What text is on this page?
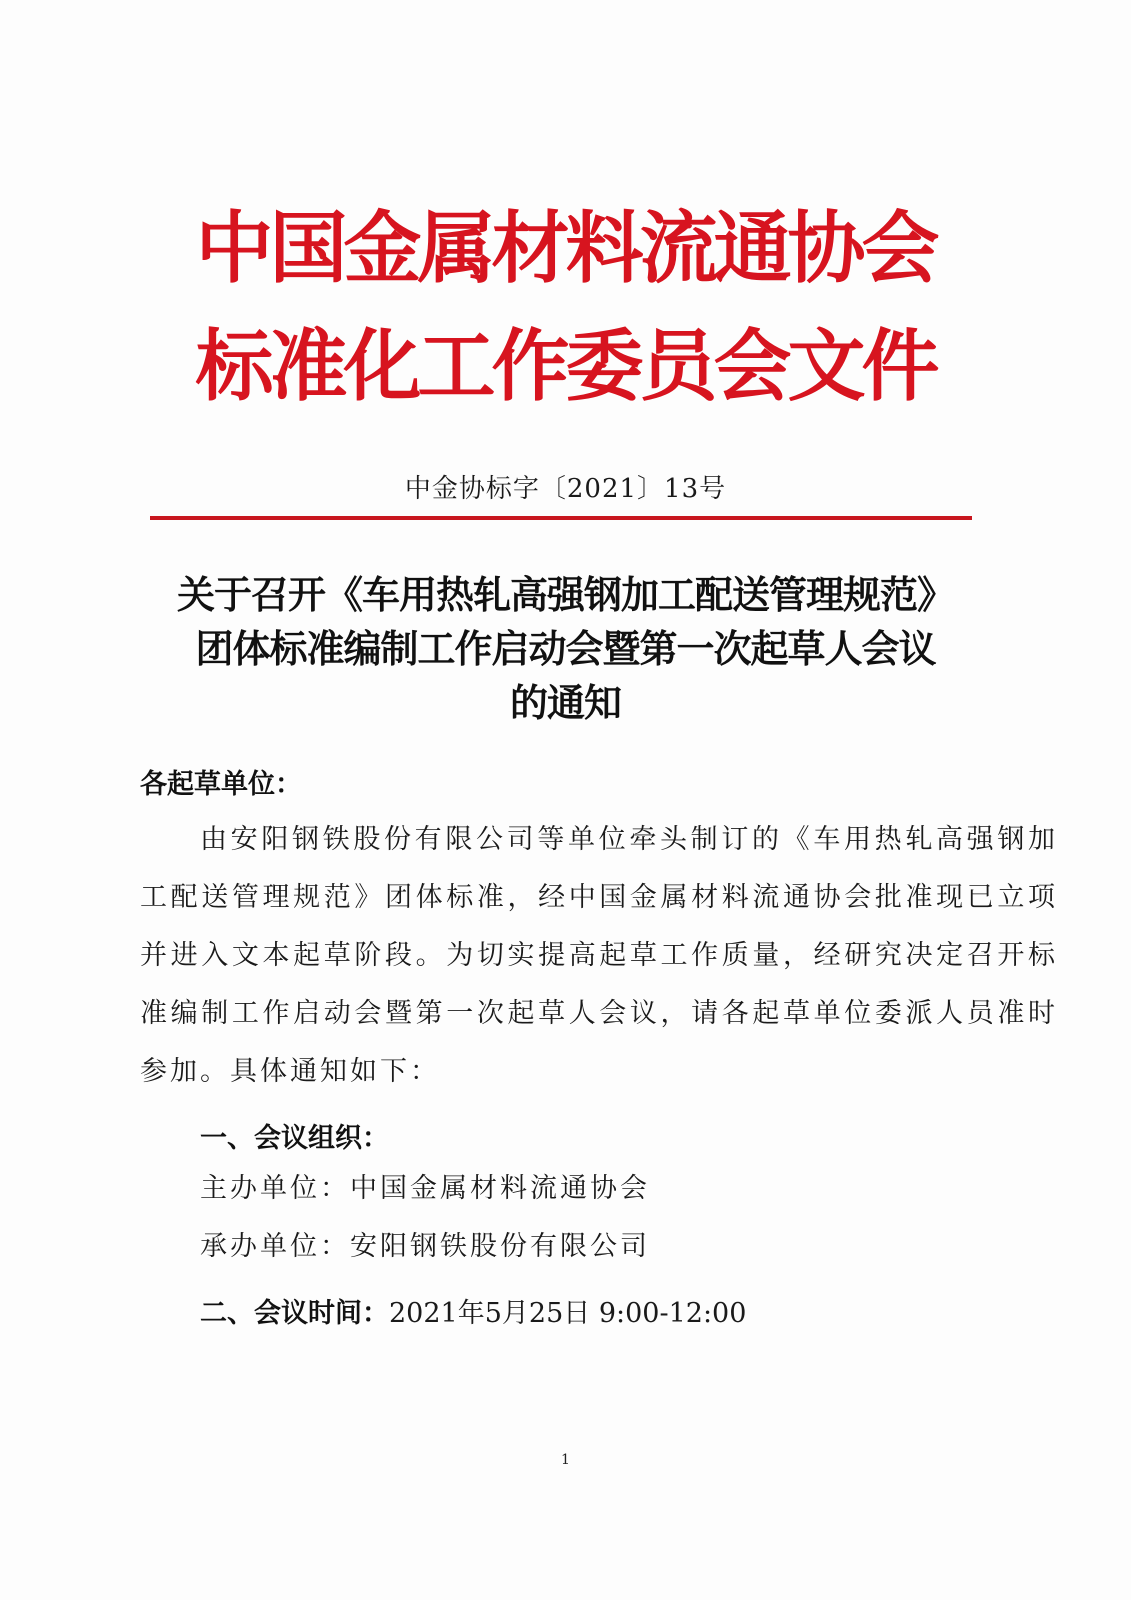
中国金属材料流通协会
标准化工作委员会文件
中金协标字〔2021〕13号
关于召开《车用热轧高强钢加工配送管理规范》
团体标准编制工作启动会暨第一次起草人会议
的通知
各起草单位：
由安阳钢铁股份有限公司等单位牵头制订的《车用热轧高强钢加
工配送管理规范》团体标准，经中国金属材料流通协会批准现已立项
并进入文本起草阶段。为切实提高起草工作质量，经研究决定召开标
准编制工作启动会暨第一次起草人会议，请各起草单位委派人员准时
参加。具体通知如下：
一、会议组织：
主办单位：中国金属材料流通协会
承办单位：安阳钢铁股份有限公司
二、会议时间：2021年5月25日 9:00-12:00
1
